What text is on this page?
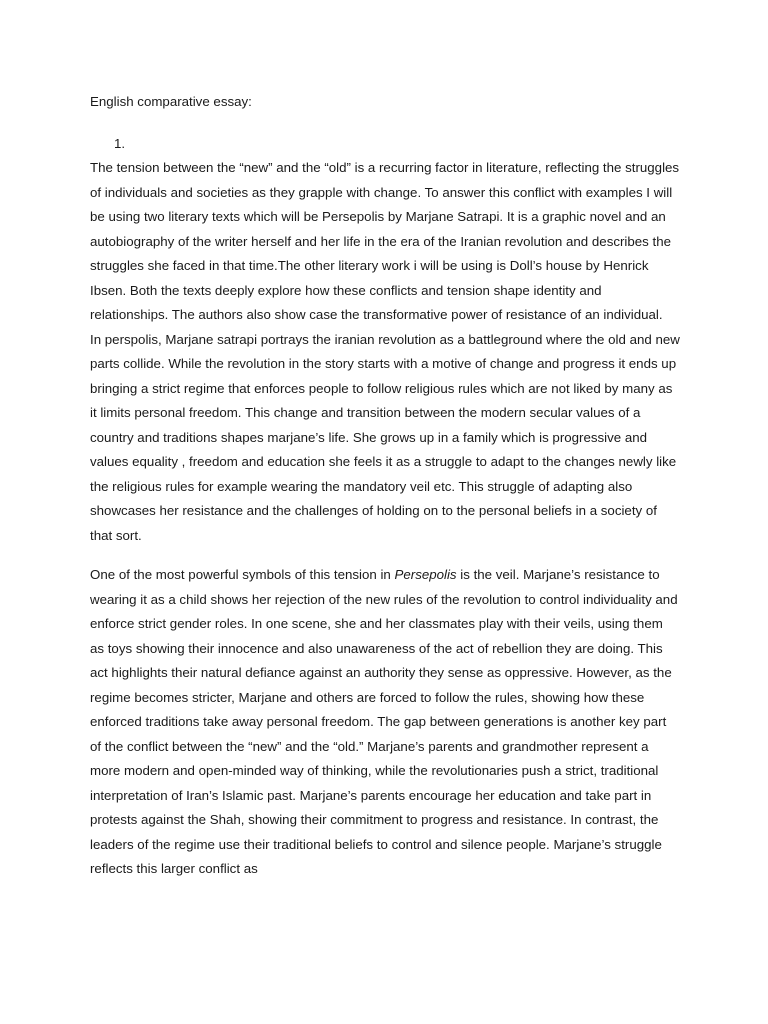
English comparative essay:

1.

The tension between the “new” and the “old” is a recurring factor in literature, reflecting the struggles of individuals and societies as they grapple with change. To answer this conflict with examples I will be using two literary texts which will be Persepolis by Marjane Satrapi. It is a graphic novel and an autobiography of the writer herself and her life in the era of the Iranian revolution and describes the struggles she faced in that time.The other literary work i will be using is Doll’s house by Henrick Ibsen. Both the texts deeply explore how these conflicts and tension shape identity and relationships. The authors also show case the transformative power of resistance of an individual.

In perspolis, Marjane satrapi portrays the iranian revolution as a battleground where the old and new parts collide. While the revolution in the story starts with a motive of change and progress it ends up bringing a strict regime that enforces people to follow religious rules which are not liked by many as it limits personal freedom. This change and transition between the modern secular values of a country and traditions shapes marjane’s life. She grows up in a family which is progressive and values equality , freedom and education she feels it as a struggle to adapt to the changes newly like the religious rules for example wearing the mandatory veil etc. This struggle of adapting also showcases her resistance and the challenges of holding on to the personal beliefs in a society of that sort.

One of the most powerful symbols of this tension in Persepolis is the veil. Marjane’s resistance to wearing it as a child shows her rejection of the new rules of the revolution to control individuality and enforce strict gender roles. In one scene, she and her classmates play with their veils, using them as toys showing their innocence and also unawareness of the act of rebellion they are doing. This act highlights their natural defiance against an authority they sense as oppressive. However, as the regime becomes stricter, Marjane and others are forced to follow the rules, showing how these enforced traditions take away personal freedom. The gap between generations is another key part of the conflict between the “new” and the “old.” Marjane’s parents and grandmother represent a more modern and open-minded way of thinking, while the revolutionaries push a strict, traditional interpretation of Iran’s Islamic past. Marjane’s parents encourage her education and take part in protests against the Shah, showing their commitment to progress and resistance. In contrast, the leaders of the regime use their traditional beliefs to control and silence people. Marjane’s struggle reflects this larger conflict as
